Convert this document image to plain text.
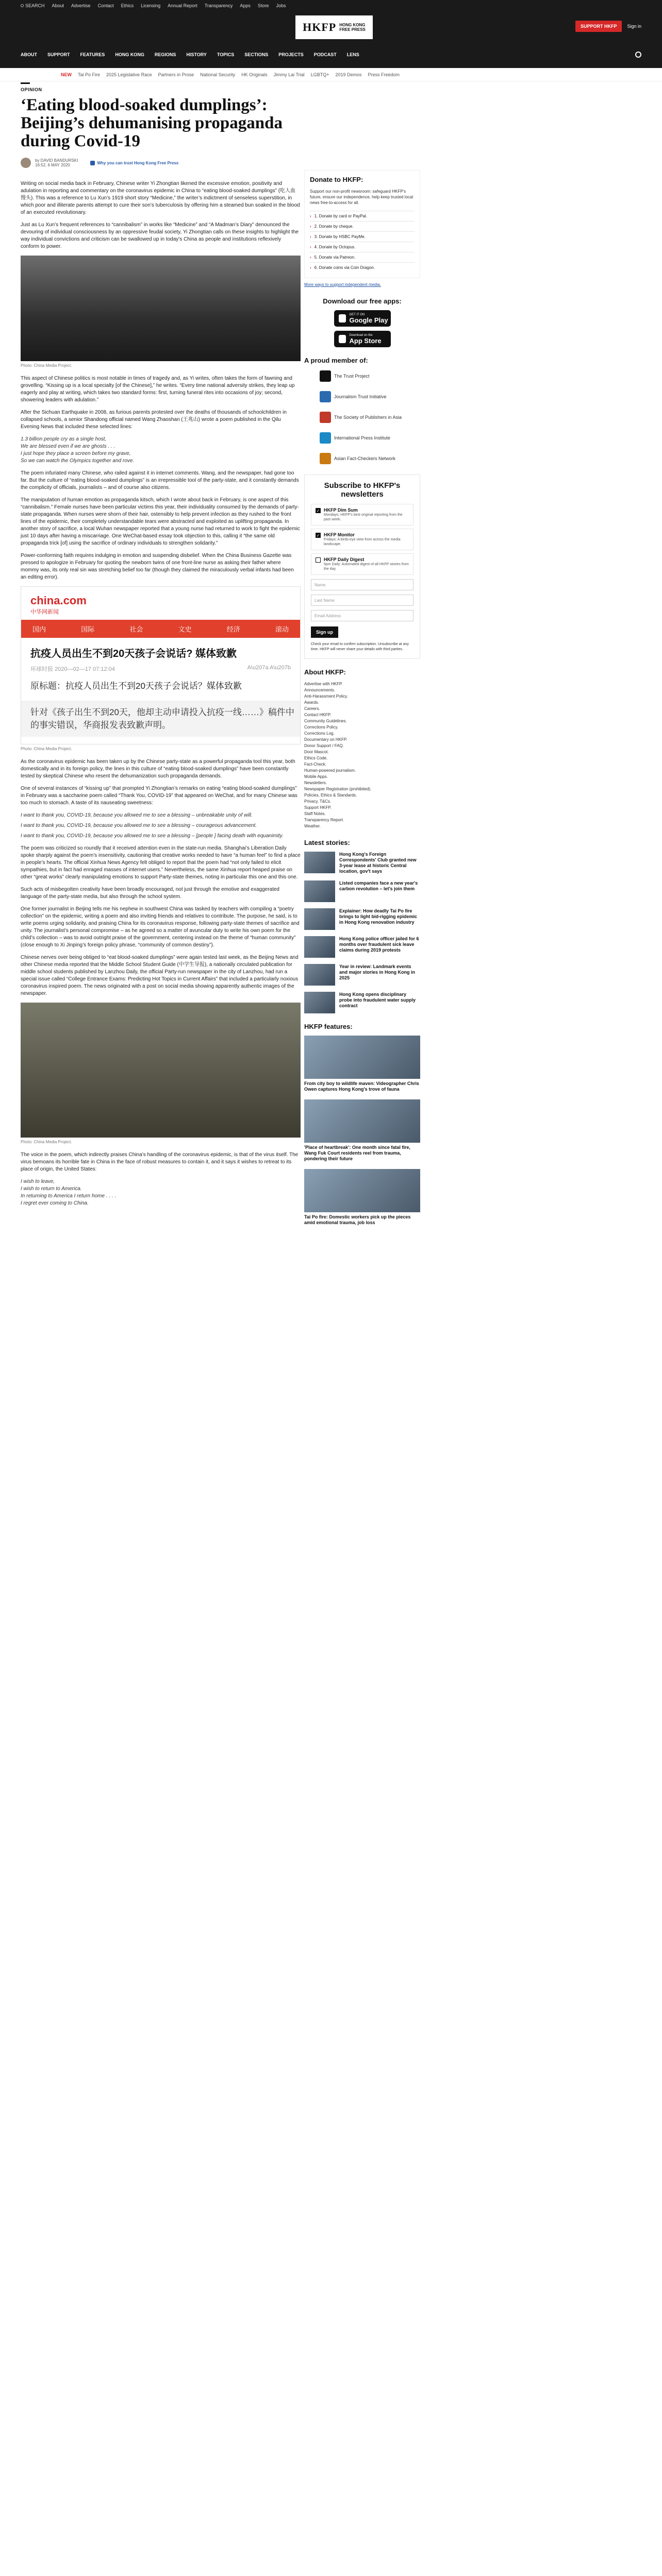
SEARCH About Advertise Contact Ethics Licensing Annual Report Transparency Apps Store Jobs
HKFP HONG KONG
FREE PRESS
SUPPORT HKFP	Sign in
ABOUT SUPPORT FEATURES HONG KONG REGIONS HISTORY TOPICS SECTIONS PROJECTS PODCAST LENS
NEW Tai Po Fire 2025 Legislative Race Partners in Prose National Security HK Originals Jimmy Lai Trial LGBTQ+ 2019 Demos Press Freedom
OPINION
‘Eating blood-soaked dumplings’: Beijing’s dehumanising propaganda during Covid-19
by DAVID BANDURSKI
16:52, 6 MAY 2020	Why you can trust Hong Kong Free Press

Writing on social media back in February, Chinese writer Yi Zhongtian likened the excessive emotion, positivity and adulation in reporting and commentary on the coronavirus epidemic in China to “eating blood-soaked dumplings” (吃人血馒头). This was a reference to Lu Xun’s 1919 short story “Medicine,” the writer’s indictment of senseless superstition, in which poor and illiterate parents attempt to cure their son’s tuberculosis by offering him a steamed bun soaked in the blood of an executed revolutionary.

Just as Lu Xun’s frequent references to “cannibalism” in works like “Medicine” and “A Madman’s Diary” denounced the devouring of individual consciousness by an oppressive feudal society, Yi Zhongtian calls on these insights to highlight the way individual convictions and criticism can be swallowed up in today’s China as people and institutions reflexively conform to power.

Photo: China Media Project.

This aspect of Chinese politics is most notable in times of tragedy and, as Yi writes, often takes the form of fawning and grovelling. “Kissing up is a local specialty [of the Chinese],” he writes. “Every time national adversity strikes, they leap up eagerly and play at writing, which takes two standard forms: first, turning funeral rites into occasions of joy; second, showering leaders with adulation.”

After the Sichuan Earthquake in 2008, as furious parents protested over the deaths of thousands of schoolchildren in collapsed schools, a senior Shandong official named Wang Zhaoshan (王兆山) wrote a poem published in the Qilu Evening News that included these selected lines:

1.3 billion people cry as a single host,
We are blessed even if we are ghosts . . .
I just hope they place a screen before my grave,
So we can watch the Olympics together and rove.

The poem infuriated many Chinese, who railed against it in internet comments. Wang, and the newspaper, had gone too far. But the culture of “eating blood-soaked dumplings” is an irrepressible tool of the party-state, and it constantly demands the complicity of officials, journalists – and of course also citizens.

The manipulation of human emotion as propaganda kitsch, which I wrote about back in February, is one aspect of this “cannibalism.” Female nurses have been particular victims this year, their individuality consumed by the demands of party-state propaganda. When nurses were shorn of their hair, ostensibly to help prevent infection as they rushed to the front lines of the epidemic, their completely understandable tears were abstracted and exploited as uplifting propaganda. In another story of sacrifice, a local Wuhan newspaper reported that a young nurse had returned to work to fight the epidemic just 10 days after having a miscarriage. One WeChat-based essay took objection to this, calling it “the same old propaganda trick [of] using the sacrifice of ordinary individuals to strengthen solidarity.”

Power-conforming faith requires indulging in emotion and suspending disbelief. When the China Business Gazette was pressed to apologize in February for quoting the newborn twins of one front-line nurse as asking their father where mommy was, its only real sin was stretching belief too far (though they claimed the miraculously verbal infants had been an editing error).

china.com
中华网新闻
国内	国际	社会	文史	经济	滚动
抗疫人员出生不到20天孩子会说话? 媒体致歉
环球时报 2020—02—17 07:12:04	A\u207a A\u207b
原标题：抗疫人员出生不到20天孩子会说话？媒体致歉
针对《孩子出生不到20天，他却主动申请投入抗疫一线……》稿件中的事实错误，华商报发表致歉声明。
Photo: China Media Project.

As the coronavirus epidemic has been taken up by the Chinese party-state as a powerful propaganda tool this year, both domestically and in its foreign policy, the lines in this culture of “eating blood-soaked dumplings” have been constantly tested by skeptical Chinese who resent the dehumanization such propaganda demands.

One of several instances of “kissing up” that prompted Yi Zhongtian’s remarks on eating “eating blood-soaked dumplings” in February was a saccharine poem called “Thank You, COVID-19” that appeared on WeChat, and for many Chinese was too much to stomach. A taste of its nauseating sweetness:

I want to thank you, COVID-19, because you allowed me to see a blessing – unbreakable unity of will.

I want to thank you, COVID-19, because you allowed me to see a blessing – courageous advancement.

I want to thank you, COVID-19, because you allowed me to see a blessing – [people ] facing death with equanimity.

The poem was criticized so roundly that it received attention even in the state-run media. Shanghai’s Liberation Daily spoke sharply against the poem’s insensitivity, cautioning that creative works needed to have “a human feel” to find a place in people’s hearts. The official Xinhua News Agency felt obliged to report that the poem had “not only failed to elicit sympathies, but in fact had enraged masses of internet users.” Nevertheless, the same Xinhua report heaped praise on other “great works” clearly manipulating emotions to support Party-state themes, noting in particular this one and this one.

Such acts of misbegotten creativity have been broadly encouraged, not just through the emotive and exaggerated language of the party-state media, but also through the school system.

One former journalist in Beijing tells me his nephew in southwest China was tasked by teachers with compiling a “poetry collection” on the epidemic, writing a poem and also inviting friends and relatives to contribute. The purpose, he said, is to write poems urging solidarity, and praising China for its coronavirus response, following party-state themes of sacrifice and unity. The journalist’s personal compromise – as he agreed so a matter of avuncular duty to write his own poem for the child’s collection – was to avoid outright praise of the government, centering instead on the theme of “human community” (close enough to Xi Jinping’s foreign policy phrase, “community of common destiny”).

Chinese nerves over being obliged to “eat blood-soaked dumplings” were again tested last week, as the Beijing News and other Chinese media reported that the Middle School Student Guide (中学生导报), a nationally circulated publication for middle school students published by Lanzhou Daily, the official Party-run newspaper in the city of Lanzhou, had run a special issue called “College Entrance Exams: Predicting Hot Topics in Current Affairs” that included a particularly noxious coronavirus inspired poem. The news originated with a post on social media showing apparently authentic images of the newspaper.

Photo: China Media Project.

The voice in the poem, which indirectly praises China’s handling of the coronavirus epidemic, is that of the virus itself. The virus bemoans its horrible fate in China in the face of robust measures to contain it, and it says it wishes to retreat to its place of origin, the United States:

I wish to leave,
I wish to return to America.
In returning to America I return home . . . .
I regret ever coming to China.
Donate to HKFP:

Support our non-profit newsroom: safeguard HKFP's future, ensure our independence, help keep trusted local news free-to-access for all.

› 1. Donate by card or PayPal.
› 2. Donate by cheque.
› 3. Donate by HSBC PayMe.
› 4. Donate by Octopus.
› 5. Donate via Patreon.
› 6. Donate coins via Coin Dragon.
More ways to support independent media.
Download our free apps:
GET IT ON
Google Play
Download on the
App Store
A proud member of:
The Trust Project
Journalism Trust Initiative
The Society of Publishers in Asia
International Press Institute
Asian Fact-Checkers Network
Subscribe to HKFP's newsletters
✓ HKFP Dim Sum
Mondays: HKFP's best original reporting from the past week.
✓ HKFP Monitor
Fridays: A birds-eye view from across the media landscape.
HKFP Daily Digest
5pm Daily: Automated digest of all HKFP stories from the day.
Name
Last Name
Email Address
Sign up

Check your email to confirm subscription. Unsubscribe at any time. HKFP will never share your details with third parties.

About HKFP:
Advertise with HKFP.
Announcements.
Anti-Harassment Policy.
Awards.
Careers.
Contact HKFP.
Community Guidelines.
Corrections Policy.
Corrections Log.
Documentary on HKFP.
Donor Support / FAQ.
Door Mascot.
Ethics Code.
Fact-Check.
Human-powered journalism.
Mobile Apps.
Newsletters.
Newspaper Registration (prohibited).
Policies, Ethics & Standards.
Privacy, T&Cs.
Support HKFP.
Staff Notes.
Transparency Report.
Weather.
Latest stories:
Hong Kong's Foreign Correspondents' Club granted new 3-year lease at historic Central location, gov't says
Listed companies face a new year's carbon revolution – let's join them
Explainer: How deadly Tai Po fire brings to light bid-rigging epidemic in Hong Kong renovation industry
Hong Kong police officer jailed for 6 months over fraudulent sick leave claims during 2019 protests
Year in review: Landmark events and major stories in Hong Kong in 2025
Hong Kong opens disciplinary probe into fraudulent water supply contract
HKFP features:
From city boy to wildlife maven: Videographer Chris Owen captures Hong Kong's trove of fauna
'Place of heartbreak': One month since fatal fire, Wang Fuk Court residents reel from trauma, pondering their future
Tai Po fire: Domestic workers pick up the pieces amid emotional trauma, job loss
